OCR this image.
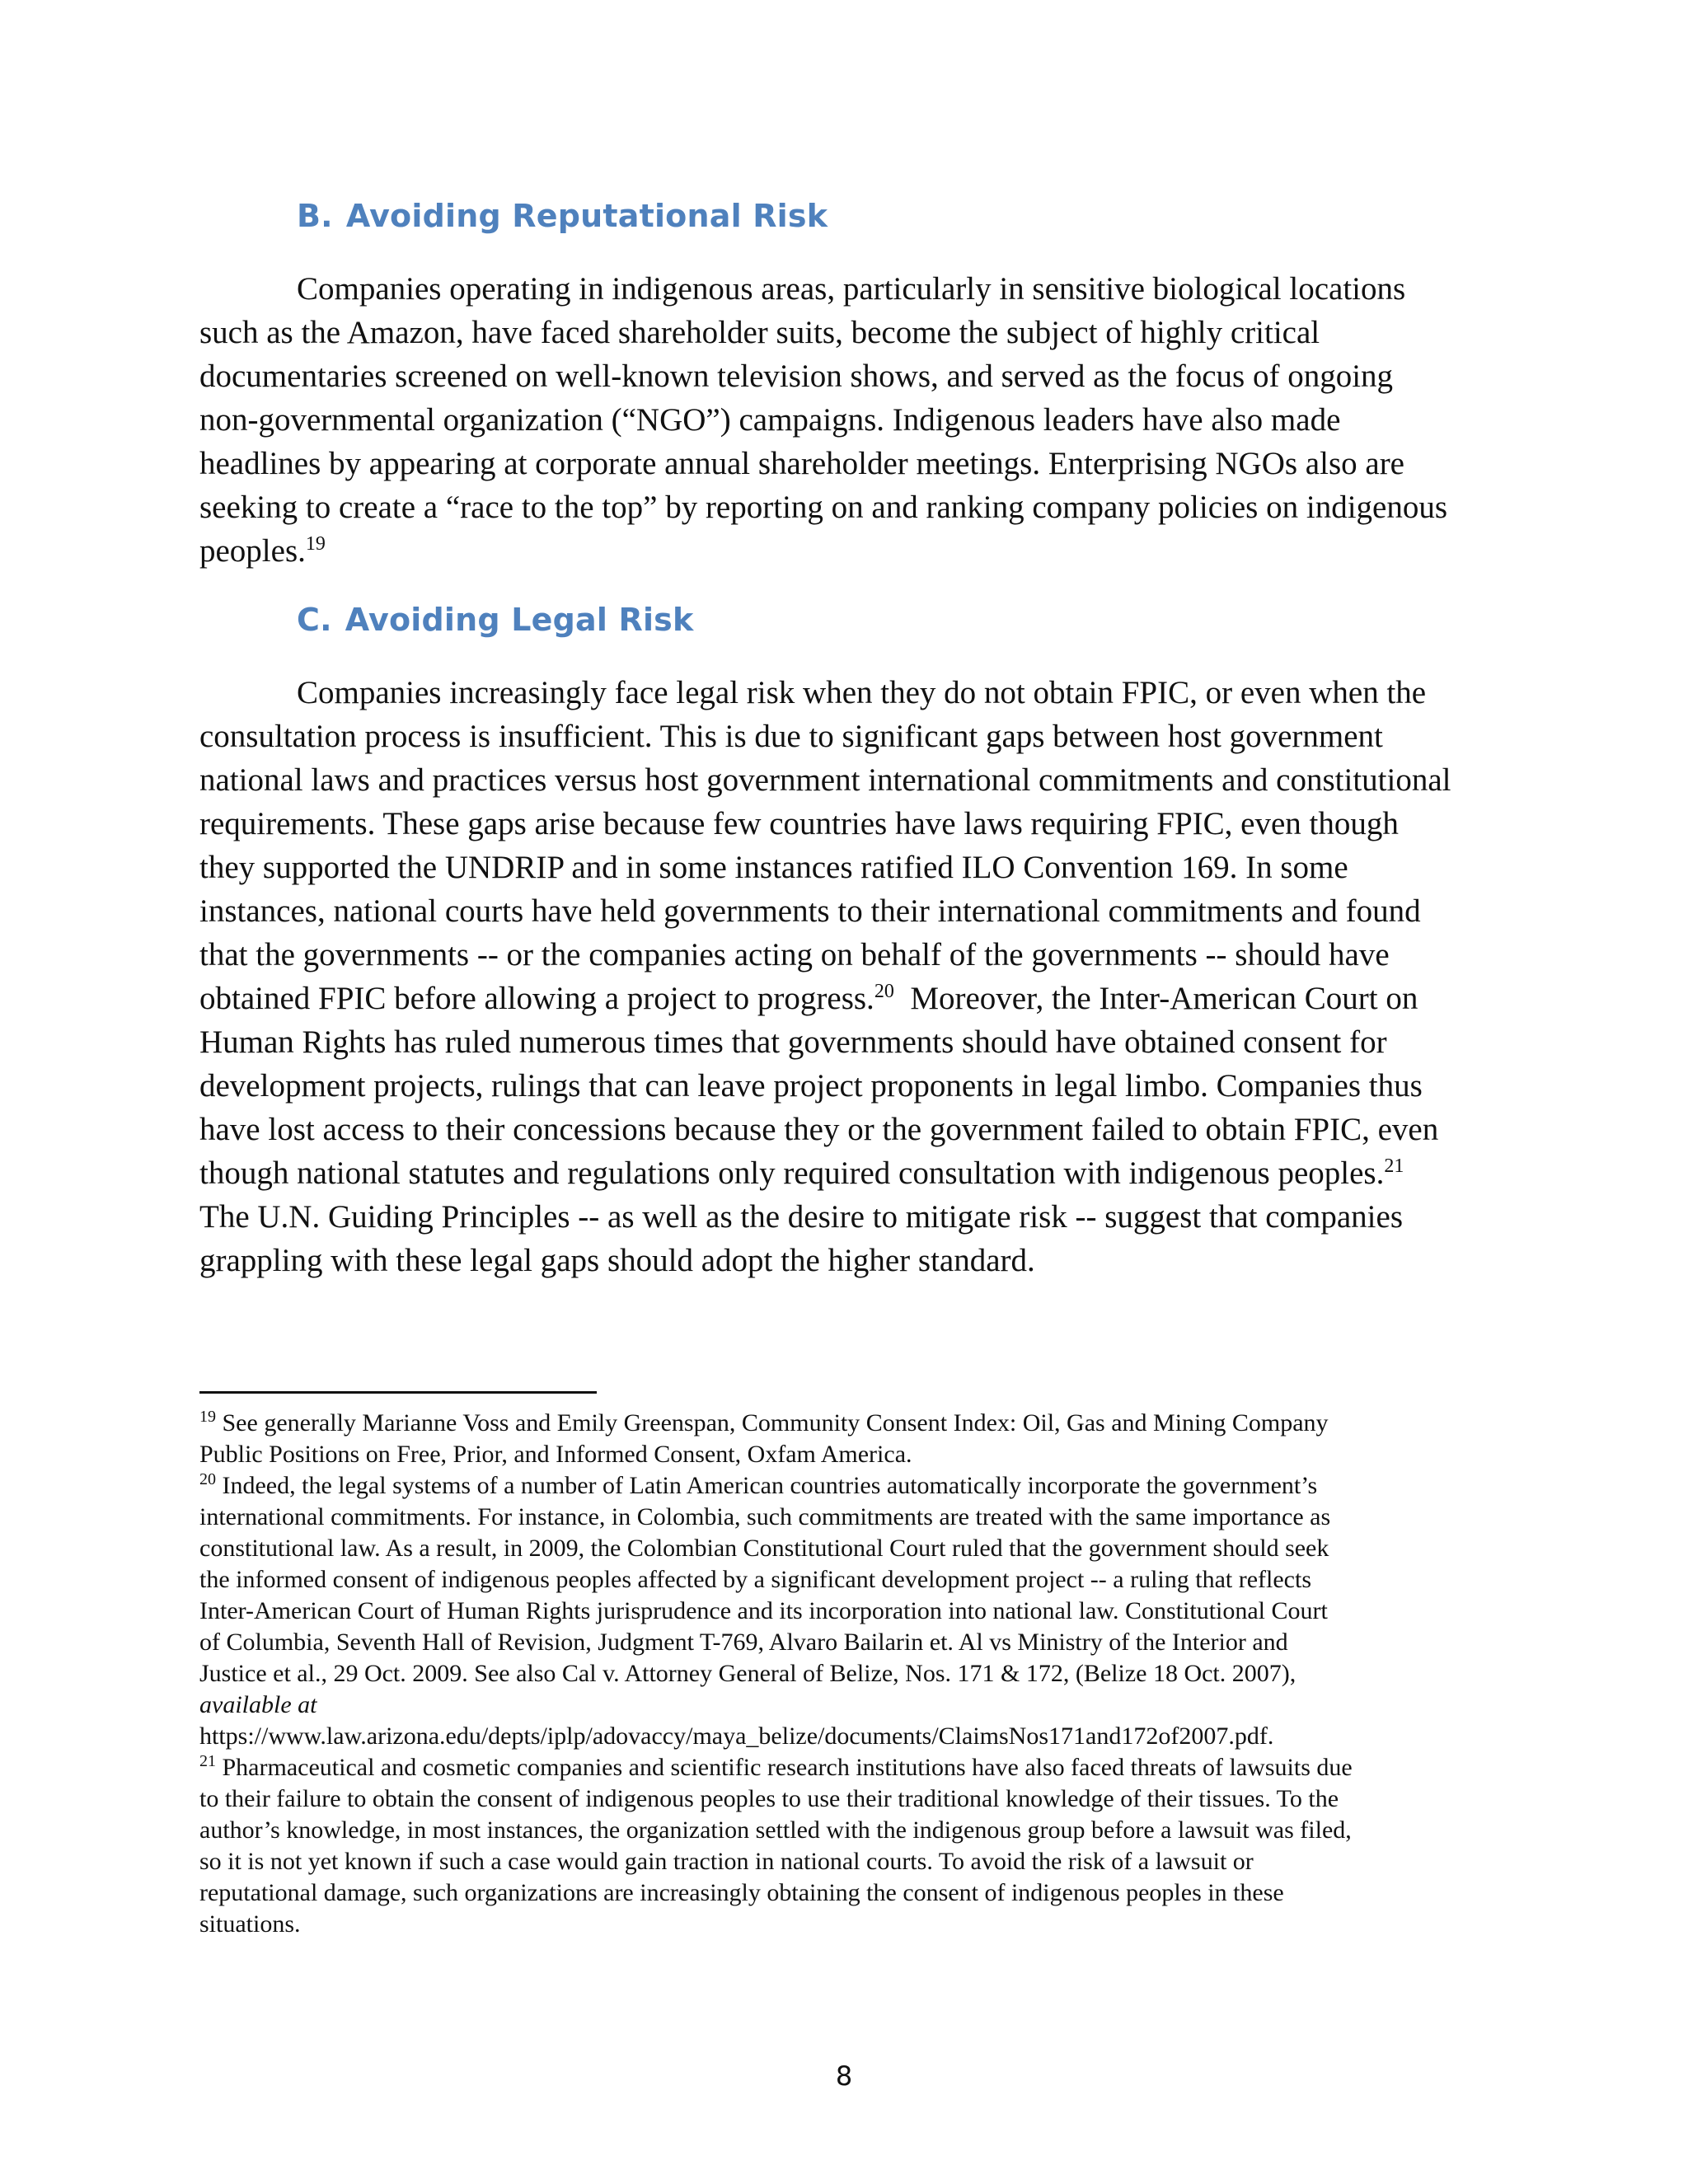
B. Avoiding Reputational Risk

Companies operating in indigenous areas, particularly in sensitive biological locations
such as the Amazon, have faced shareholder suits, become the subject of highly critical
documentaries screened on well-known television shows, and served as the focus of ongoing
non-governmental organization (“NGO”) campaigns. Indigenous leaders have also made
headlines by appearing at corporate annual shareholder meetings. Enterprising NGOs also are
seeking to create a “race to the top” by reporting on and ranking company policies on indigenous
peoples.$^{19}$

C. Avoiding Legal Risk

Companies increasingly face legal risk when they do not obtain FPIC, or even when the
consultation process is insufficient. This is due to significant gaps between host government
national laws and practices versus host government international commitments and constitutional
requirements. These gaps arise because few countries have laws requiring FPIC, even though
they supported the UNDRIP and in some instances ratified ILO Convention 169. In some
instances, national courts have held governments to their international commitments and found
that the governments -- or the companies acting on behalf of the governments -- should have
obtained FPIC before allowing a project to progress.$^{20}$ Moreover, the Inter-American Court on
Human Rights has ruled numerous times that governments should have obtained consent for
development projects, rulings that can leave project proponents in legal limbo. Companies thus
have lost access to their concessions because they or the government failed to obtain FPIC, even
though national statutes and regulations only required consultation with indigenous peoples.$^{21}$
The U.N. Guiding Principles -- as well as the desire to mitigate risk -- suggest that companies
grappling with these legal gaps should adopt the higher standard.

$^{19}$ See generally Marianne Voss and Emily Greenspan, Community Consent Index: Oil, Gas and Mining Company
Public Positions on Free, Prior, and Informed Consent, Oxfam America.
$^{20}$ Indeed, the legal systems of a number of Latin American countries automatically incorporate the government’s
international commitments. For instance, in Colombia, such commitments are treated with the same importance as
constitutional law. As a result, in 2009, the Colombian Constitutional Court ruled that the government should seek
the informed consent of indigenous peoples affected by a significant development project -- a ruling that reflects
Inter-American Court of Human Rights jurisprudence and its incorporation into national law. Constitutional Court
of Columbia, Seventh Hall of Revision, Judgment T-769, Alvaro Bailarin et. Al vs Ministry of the Interior and
Justice et al., 29 Oct. 2009. See also Cal v. Attorney General of Belize, Nos. 171 & 172, (Belize 18 Oct. 2007),
available at
https://www.law.arizona.edu/depts/iplp/adovaccy/maya_belize/documents/ClaimsNos171and172of2007.pdf.
$^{21}$ Pharmaceutical and cosmetic companies and scientific research institutions have also faced threats of lawsuits due
to their failure to obtain the consent of indigenous peoples to use their traditional knowledge of their tissues. To the
author’s knowledge, in most instances, the organization settled with the indigenous group before a lawsuit was filed,
so it is not yet known if such a case would gain traction in national courts. To avoid the risk of a lawsuit or
reputational damage, such organizations are increasingly obtaining the consent of indigenous peoples in these
situations.
8
